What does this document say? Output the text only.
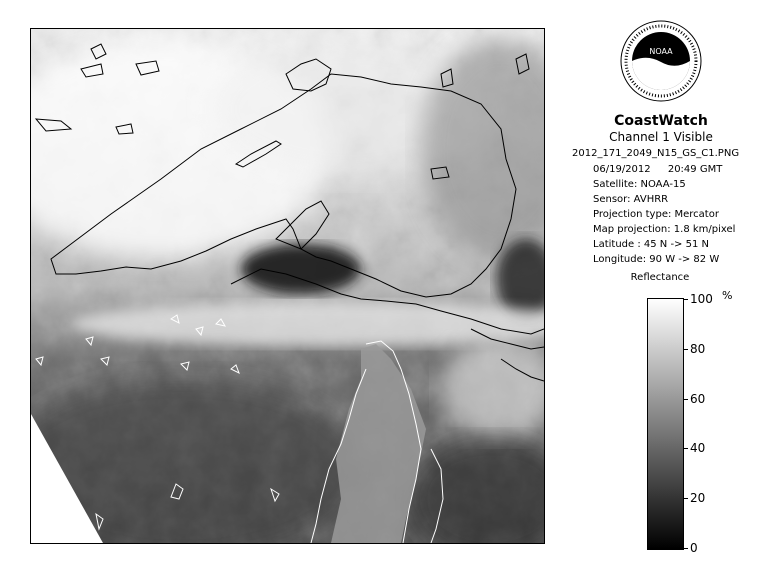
NOAA
CoastWatch
Channel 1 Visible
2012_171_2049_N15_GS_C1.PNG
06/19/2012 20:49 GMT
Satellite: NOAA-15
Sensor: AVHRR
Projection type: Mercator
Map projection: 1.8 km/pixel
Latitude : 45 N -> 51 N
Longitude: 90 W -> 82 W
Reflectance
%
0
20
40
60
80
100
